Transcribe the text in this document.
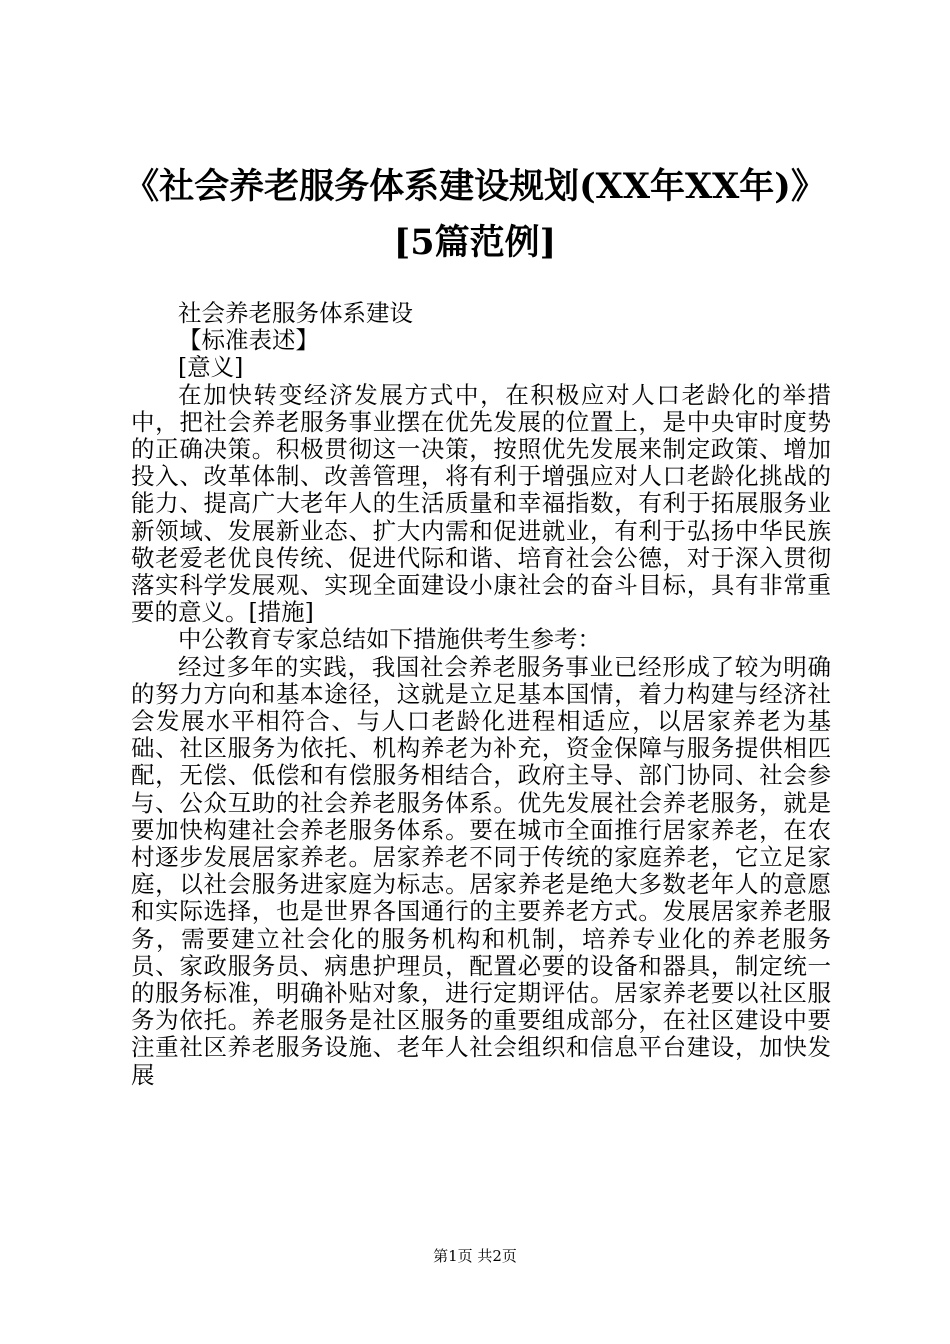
《社会养老服务体系建设规划(XX年XX年)》
[5篇范例]

社会养老服务体系建设

【标准表述】

[意义]

在加快转变经济发展方式中，在积极应对人口老龄化的举措中，把社会养老服务事业摆在优先发展的位置上，是中央审时度势的正确决策。积极贯彻这一决策，按照优先发展来制定政策、增加投入、改革体制、改善管理，将有利于增强应对人口老龄化挑战的能力、提高广大老年人的生活质量和幸福指数，有利于拓展服务业新领域、发展新业态、扩大内需和促进就业，有利于弘扬中华民族敬老爱老优良传统、促进代际和谐、培育社会公德，对于深入贯彻落实科学发展观、实现全面建设小康社会的奋斗目标，具有非常重要的意义。[措施]

中公教育专家总结如下措施供考生参考：

经过多年的实践，我国社会养老服务事业已经形成了较为明确的努力方向和基本途径，这就是立足基本国情，着力构建与经济社会发展水平相符合、与人口老龄化进程相适应，以居家养老为基础、社区服务为依托、机构养老为补充，资金保障与服务提供相匹配，无偿、低偿和有偿服务相结合，政府主导、部门协同、社会参与、公众互助的社会养老服务体系。优先发展社会养老服务，就是要加快构建社会养老服务体系。要在城市全面推行居家养老，在农村逐步发展居家养老。居家养老不同于传统的家庭养老，它立足家庭，以社会服务进家庭为标志。居家养老是绝大多数老年人的意愿和实际选择，也是世界各国通行的主要养老方式。发展居家养老服务，需要建立社会化的服务机构和机制，培养专业化的养老服务员、家政服务员、病患护理员，配置必要的设备和器具，制定统一的服务标准，明确补贴对象，进行定期评估。居家养老要以社区服务为依托。养老服务是社区服务的重要组成部分，在社区建设中要注重社区养老服务设施、老年人社会组织和信息平台建设，加快发展

第1页 共2页
